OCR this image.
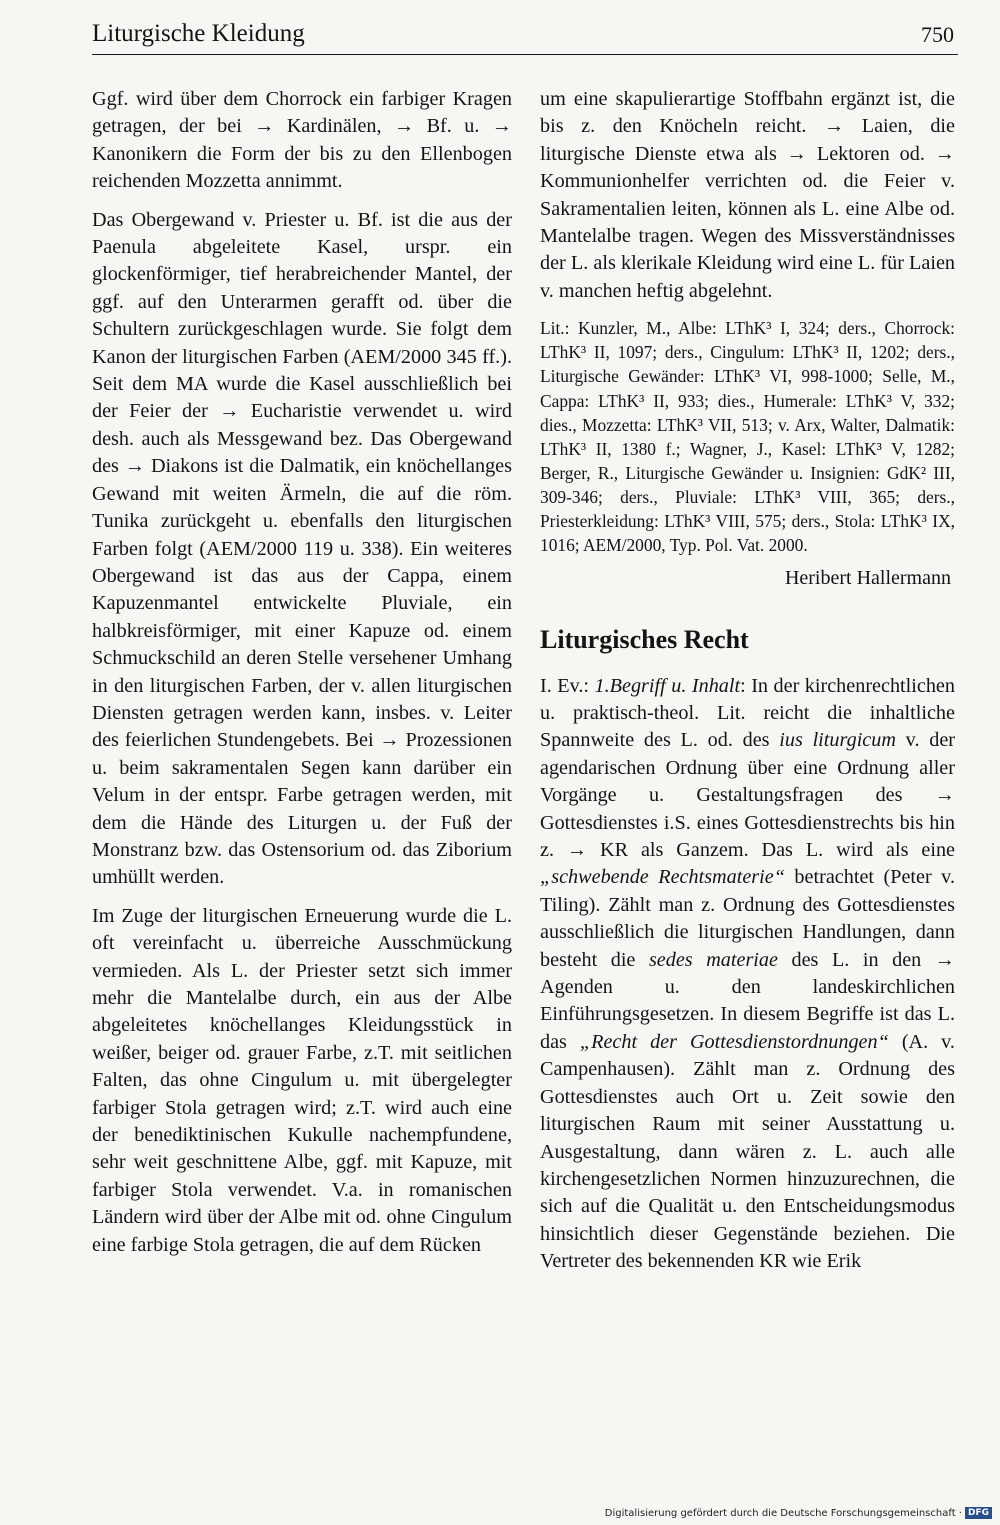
Liturgische Kleidung	750

Ggf. wird über dem Chorrock ein farbiger Kragen getragen, der bei → Kardinälen, → Bf. u. → Kanonikern die Form der bis zu den Ellenbogen reichenden Mozzetta annimmt.

Das Obergewand v. Priester u. Bf. ist die aus der Paenula abgeleitete Kasel, urspr. ein glockenförmiger, tief herabreichender Mantel, der ggf. auf den Unterarmen gerafft od. über die Schultern zurückgeschlagen wurde. Sie folgt dem Kanon der liturgischen Farben (AEM/2000 345 ff.). Seit dem MA wurde die Kasel ausschließlich bei der Feier der → Eucharistie verwendet u. wird desh. auch als Messgewand bez. Das Obergewand des → Diakons ist die Dalmatik, ein knöchellanges Gewand mit weiten Ärmeln, die auf die röm. Tunika zurückgeht u. ebenfalls den liturgischen Farben folgt (AEM/2000 119 u. 338). Ein weiteres Obergewand ist das aus der Cappa, einem Kapuzenmantel entwickelte Pluviale, ein halbkreisförmiger, mit einer Kapuze od. einem Schmuckschild an deren Stelle versehener Umhang in den liturgischen Farben, der v. allen liturgischen Diensten getragen werden kann, insbes. v. Leiter des feierlichen Stundengebets. Bei → Prozessionen u. beim sakramentalen Segen kann darüber ein Velum in der entspr. Farbe getragen werden, mit dem die Hände des Liturgen u. der Fuß der Monstranz bzw. das Ostensorium od. das Ziborium umhüllt werden.

Im Zuge der liturgischen Erneuerung wurde die L. oft vereinfacht u. überreiche Ausschmückung vermieden. Als L. der Priester setzt sich immer mehr die Mantelalbe durch, ein aus der Albe abgeleitetes knöchellanges Kleidungsstück in weißer, beiger od. grauer Farbe, z.T. mit seitlichen Falten, das ohne Cingulum u. mit übergelegter farbiger Stola getragen wird; z.T. wird auch eine der benediktinischen Kukulle nachempfundene, sehr weit geschnittene Albe, ggf. mit Kapuze, mit farbiger Stola verwendet. V.a. in romanischen Ländern wird über der Albe mit od. ohne Cingulum eine farbige Stola getragen, die auf dem Rücken

um eine skapulierartige Stoffbahn ergänzt ist, die bis z. den Knöcheln reicht. → Laien, die liturgische Dienste etwa als → Lektoren od. → Kommunionhelfer verrichten od. die Feier v. Sakramentalien leiten, können als L. eine Albe od. Mantelalbe tragen. Wegen des Missverständnisses der L. als klerikale Kleidung wird eine L. für Laien v. manchen heftig abgelehnt.

Lit.: Kunzler, M., Albe: LThK³ I, 324; ders., Chorrock: LThK³ II, 1097; ders., Cingulum: LThK³ II, 1202; ders., Liturgische Gewänder: LThK³ VI, 998-1000; Selle, M., Cappa: LThK³ II, 933; dies., Humerale: LThK³ V, 332; dies., Mozzetta: LThK³ VII, 513; v. Arx, Walter, Dalmatik: LThK³ II, 1380 f.; Wagner, J., Kasel: LThK³ V, 1282; Berger, R., Liturgische Gewänder u. Insignien: GdK² III, 309-346; ders., Pluviale: LThK³ VIII, 365; ders., Priesterkleidung: LThK³ VIII, 575; ders., Stola: LThK³ IX, 1016; AEM/2000, Typ. Pol. Vat. 2000.

Heribert Hallermann
Liturgisches Recht

I. Ev.: 1.Begriff u. Inhalt: In der kirchenrechtlichen u. praktisch-theol. Lit. reicht die inhaltliche Spannweite des L. od. des ius liturgicum v. der agendarischen Ordnung über eine Ordnung aller Vorgänge u. Gestaltungsfragen des → Gottesdienstes i.S. eines Gottesdienstrechts bis hin z. → KR als Ganzem. Das L. wird als eine „schwebende Rechtsmaterie“ betrachtet (Peter v. Tiling). Zählt man z. Ordnung des Gottesdienstes ausschließlich die liturgischen Handlungen, dann besteht die sedes materiae des L. in den → Agenden u. den landeskirchlichen Einführungsgesetzen. In diesem Begriffe ist das L. das „Recht der Gottesdienstordnungen“ (A. v. Campenhausen). Zählt man z. Ordnung des Gottesdienstes auch Ort u. Zeit sowie den liturgischen Raum mit seiner Ausstattung u. Ausgestaltung, dann wären z. L. auch alle kirchengesetzlichen Normen hinzuzurechnen, die sich auf die Qualität u. den Entscheidungsmodus hinsichtlich dieser Gegenstände beziehen. Die Vertreter des bekennenden KR wie Erik

Digitalisierung gefördert durch die Deutsche Forschungsgemeinschaft · DFG
